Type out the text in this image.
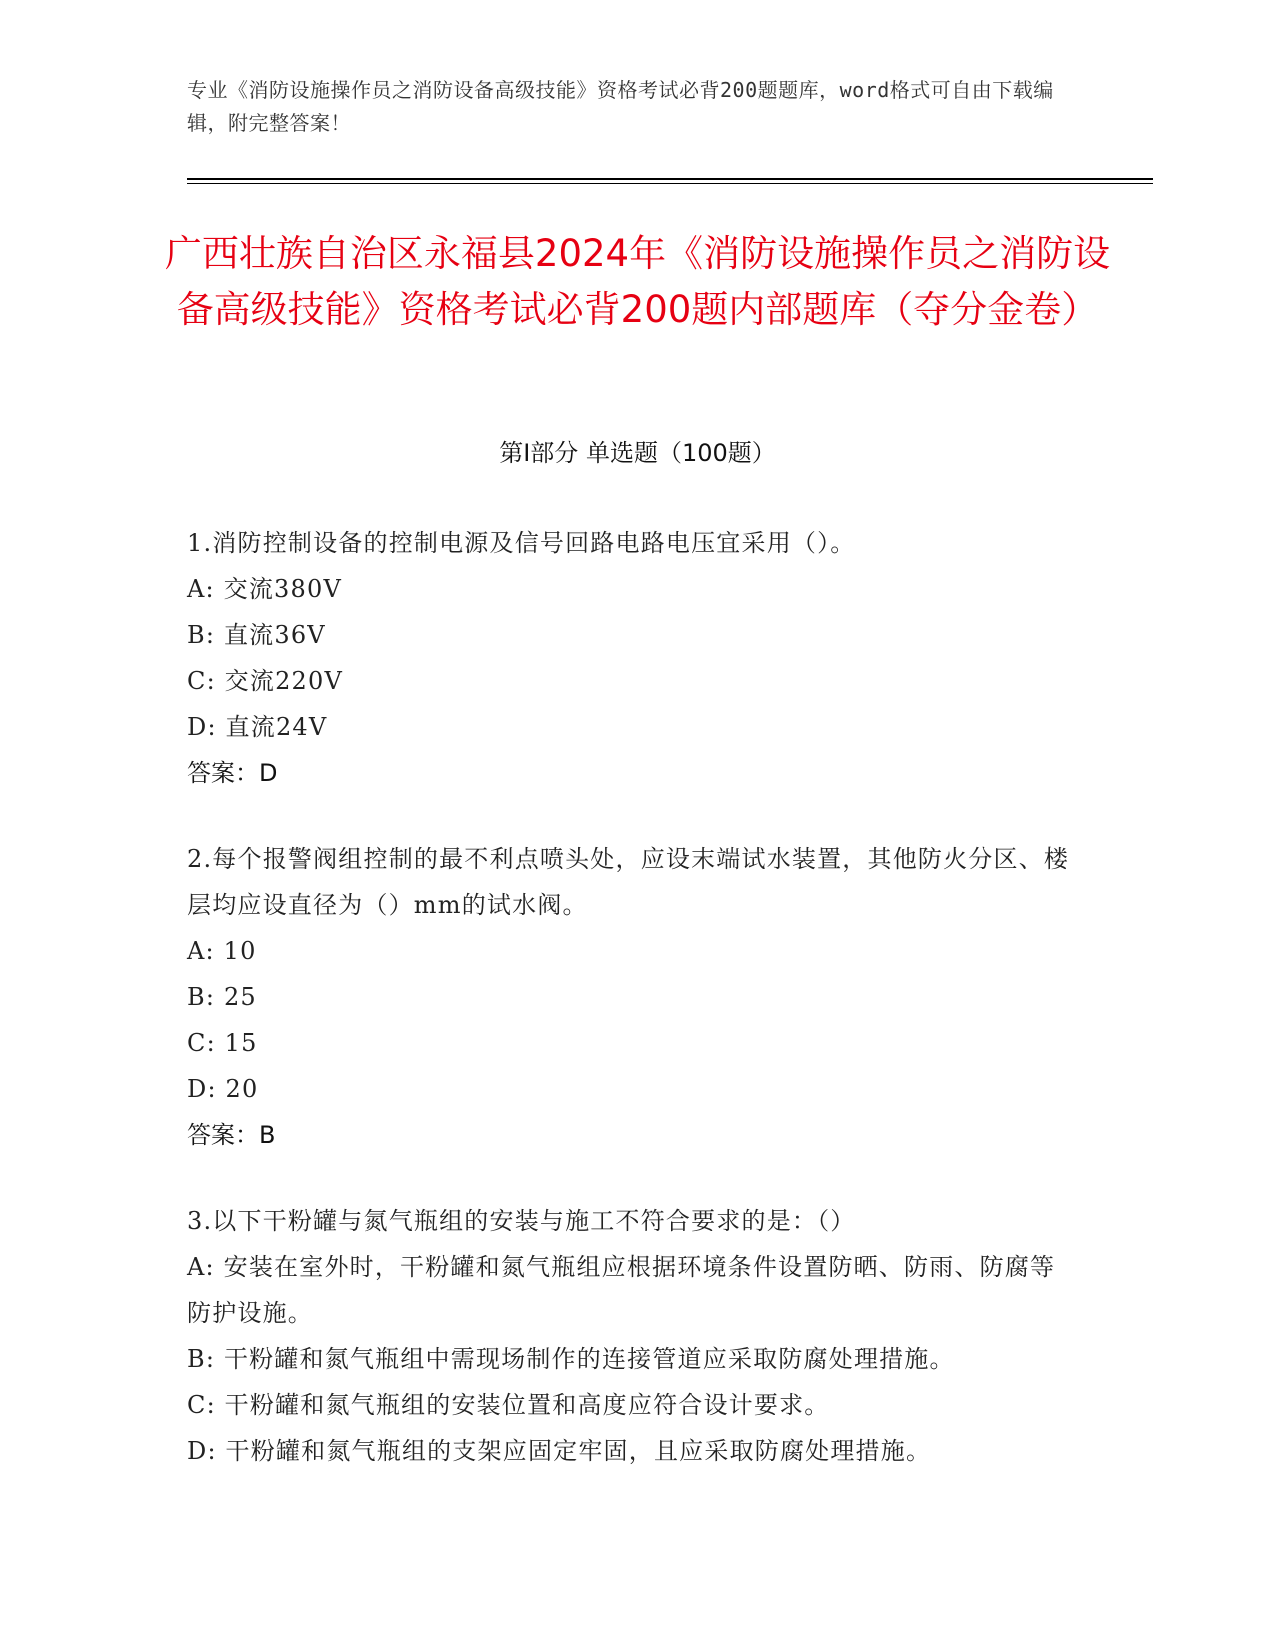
专业《消防设施操作员之消防设备高级技能》资格考试必背200题题库，word格式可自由下载编辑，附完整答案！
广西壮族自治区永福县2024年《消防设施操作员之消防设备高级技能》资格考试必背200题内部题库（夺分金卷）
第I部分 单选题（100题）
1.消防控制设备的控制电源及信号回路电路电压宜采用（）。
A: 交流380V
B: 直流36V
C: 交流220V
D: 直流24V
答案：D
2.每个报警阀组控制的最不利点喷头处，应设末端试水装置，其他防火分区、楼层均应设直径为（）mm的试水阀。
A: 10
B: 25
C: 15
D: 20
答案：B
3.以下干粉罐与氮气瓶组的安装与施工不符合要求的是：（）
A: 安装在室外时，干粉罐和氮气瓶组应根据环境条件设置防晒、防雨、防腐等防护设施。
B: 干粉罐和氮气瓶组中需现场制作的连接管道应采取防腐处理措施。
C: 干粉罐和氮气瓶组的安装位置和高度应符合设计要求。
D: 干粉罐和氮气瓶组的支架应固定牢固，且应采取防腐处理措施。
